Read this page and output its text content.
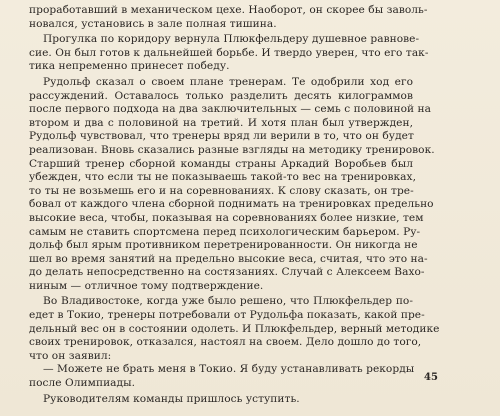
проработавший в механическом цехе. Наоборот, он скорее бы заволь-
новался, установись в зале полная тишина.
Прогулка по коридору вернула Плюкфельдеру душевное равнове-
сие. Он был готов к дальнейшей борьбе. И твердо уверен, что его так-
тика непременно принесет победу.
Рудольф сказал о своем плане тренерам. Те одобрили ход его
рассуждений. Оставалось только разделить десять килограммов
после первого подхода на два заключительных — семь с половиной на
втором и два с половиной на третий. И хотя план был утвержден,
Рудольф чувствовал, что тренеры вряд ли верили в то, что он будет
реализован. Вновь сказались разные взгляды на методику тренировок.
Старший тренер сборной команды страны Аркадий Воробьев был
убежден, что если ты не показываешь такой-то вес на тренировках,
то ты не возьмешь его и на соревнованиях. К слову сказать, он тре-
бовал от каждого члена сборной поднимать на тренировках предельно
высокие веса, чтобы, показывая на соревнованиях более низкие, тем
самым не ставить спортсмена перед психологическим барьером. Ру-
дольф был ярым противником перетренированности. Он никогда не
шел во время занятий на предельно высокие веса, считая, что это на-
до делать непосредственно на состязаниях. Случай с Алексеем Вахо-
ниным — отличное тому подтверждение.
Во Владивостоке, когда уже было решено, что Плюкфельдер по-
едет в Токио, тренеры потребовали от Рудольфа показать, какой пре-
дельный вес он в состоянии одолеть. И Плюкфельдер, верный методике
своих тренировок, отказался, настоял на своем. Дело дошло до того,
что он заявил:
— Можете не брать меня в Токио. Я буду устанавливать рекорды
после Олимпиады.
Руководителям команды пришлось уступить.
45
